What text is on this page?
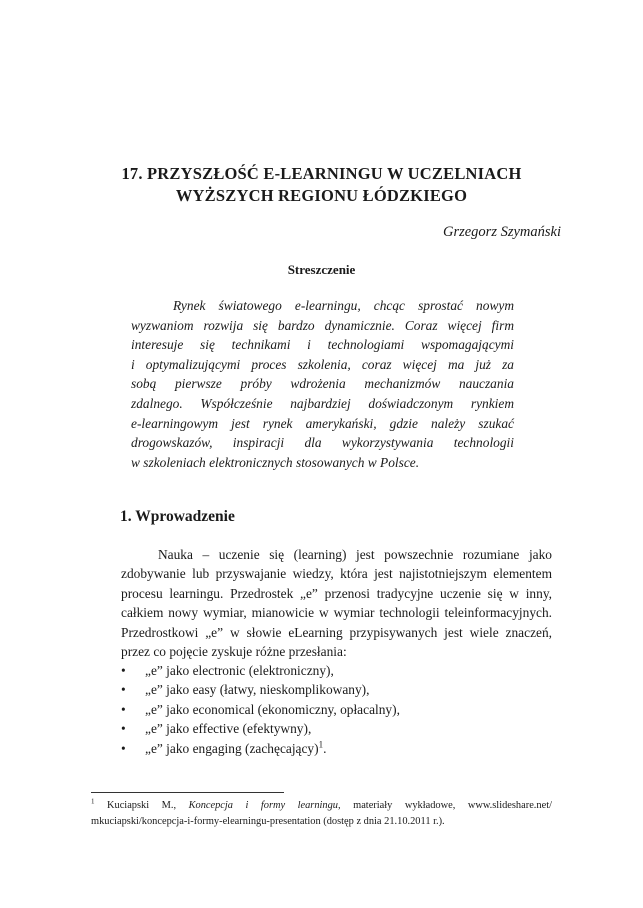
17. PRZYSZŁOŚĆ E-LEARNINGU W UCZELNIACH
WYŻSZYCH REGIONU ŁÓDZKIEGO
Grzegorz Szymański
Streszczenie
Rynek światowego e-learningu, chcąc sprostać nowym
wyzwaniom rozwija się bardzo dynamicznie. Coraz więcej firm
interesuje się technikami i technologiami wspomagającymi
i optymalizującymi proces szkolenia, coraz więcej ma już za
sobą pierwsze próby wdrożenia mechanizmów nauczania
zdalnego. Współcześnie najbardziej doświadczonym rynkiem
e-learningowym jest rynek amerykański, gdzie należy szukać
drogowskazów, inspiracji dla wykorzystywania technologii
w szkoleniach elektronicznych stosowanych w Polsce.
1. Wprowadzenie
Nauka – uczenie się (learning) jest powszechnie rozumiane jako
zdobywanie lub przyswajanie wiedzy, która jest najistotniejszym elementem
procesu learningu. Przedrostek „e” przenosi tradycyjne uczenie się w inny,
całkiem nowy wymiar, mianowicie w wymiar technologii teleinformacyjnych.
Przedrostkowi „e” w słowie eLearning przypisywanych jest wiele znaczeń,
przez co pojęcie zyskuje różne przesłania:
• „e” jako electronic (elektroniczny),
• „e” jako easy (łatwy, nieskomplikowany),
• „e” jako economical (ekonomiczny, opłacalny),
• „e” jako effective (efektywny),
• „e” jako engaging (zachęcający)$^1$.
$^1$ Kuciapski M., Koncepcja i formy learningu, materiały wykładowe, www.slideshare.net/
mkuciapski/koncepcja-i-formy-elearningu-presentation (dostęp z dnia 21.10.2011 r.).
